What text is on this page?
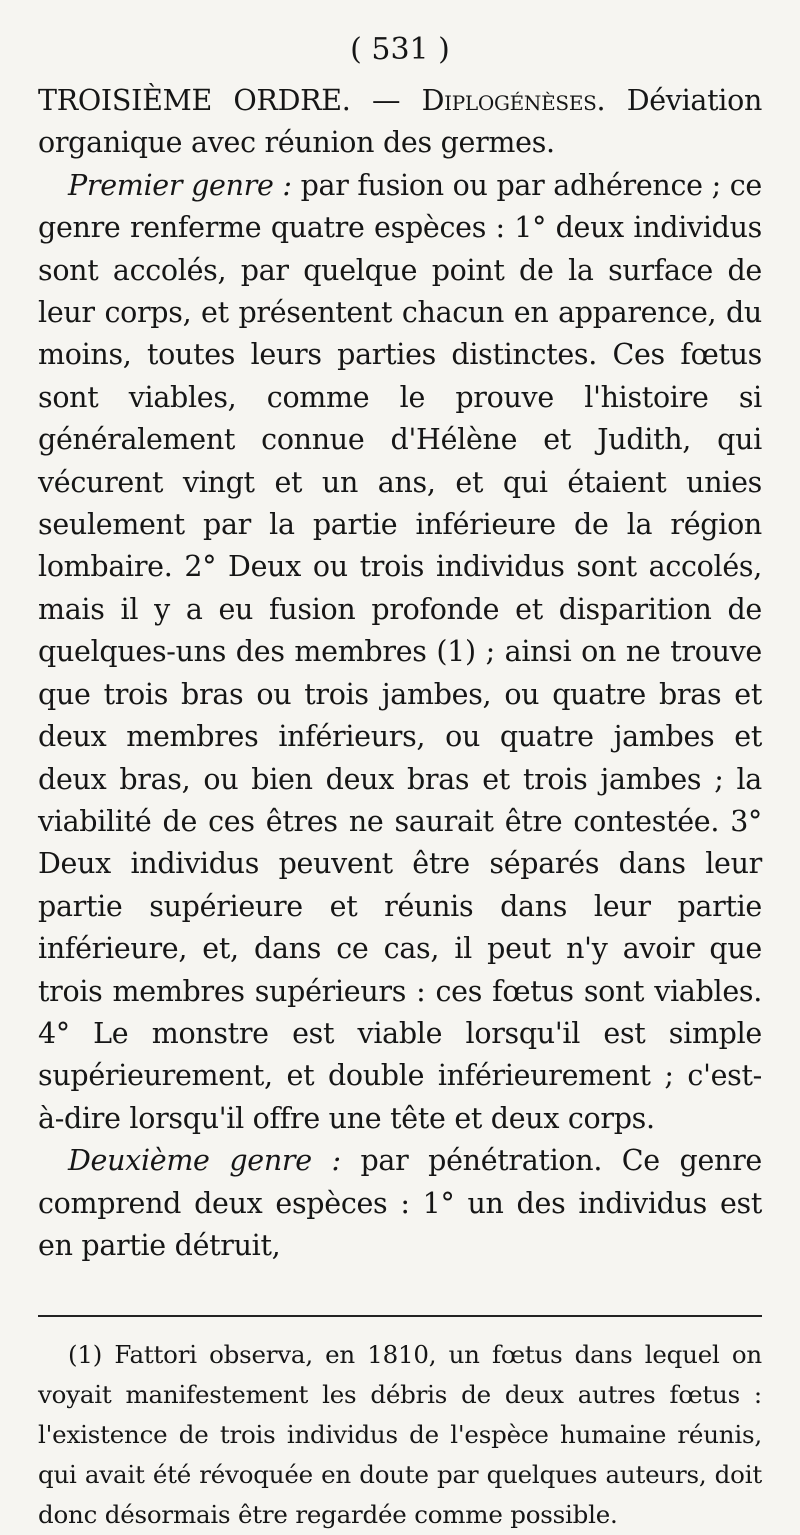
( 531 )

TROISIÈME ORDRE. — Diplogénèses. Déviation organique avec réunion des germes.

Premier genre : par fusion ou par adhérence ; ce genre renferme quatre espèces : 1° deux individus sont accolés, par quelque point de la surface de leur corps, et présentent chacun en apparence, du moins, toutes leurs parties distinctes. Ces fœtus sont viables, comme le prouve l'histoire si généralement connue d'Hélène et Judith, qui vécurent vingt et un ans, et qui étaient unies seulement par la partie inférieure de la région lombaire. 2° Deux ou trois individus sont accolés, mais il y a eu fusion profonde et disparition de quelques-uns des membres (1) ; ainsi on ne trouve que trois bras ou trois jambes, ou quatre bras et deux membres inférieurs, ou quatre jambes et deux bras, ou bien deux bras et trois jambes ; la viabilité de ces êtres ne saurait être contestée. 3° Deux individus peuvent être séparés dans leur partie supérieure et réunis dans leur partie inférieure, et, dans ce cas, il peut n'y avoir que trois membres supérieurs : ces fœtus sont viables. 4° Le monstre est viable lorsqu'il est simple supérieurement, et double inférieurement ; c'est-à-dire lorsqu'il offre une tête et deux corps.

Deuxième genre : par pénétration. Ce genre comprend deux espèces : 1° un des individus est en partie détruit,

(1) Fattori observa, en 1810, un fœtus dans lequel on voyait manifestement les débris de deux autres fœtus : l'existence de trois individus de l'espèce humaine réunis, qui avait été révoquée en doute par quelques auteurs, doit donc désormais être regardée comme possible.
